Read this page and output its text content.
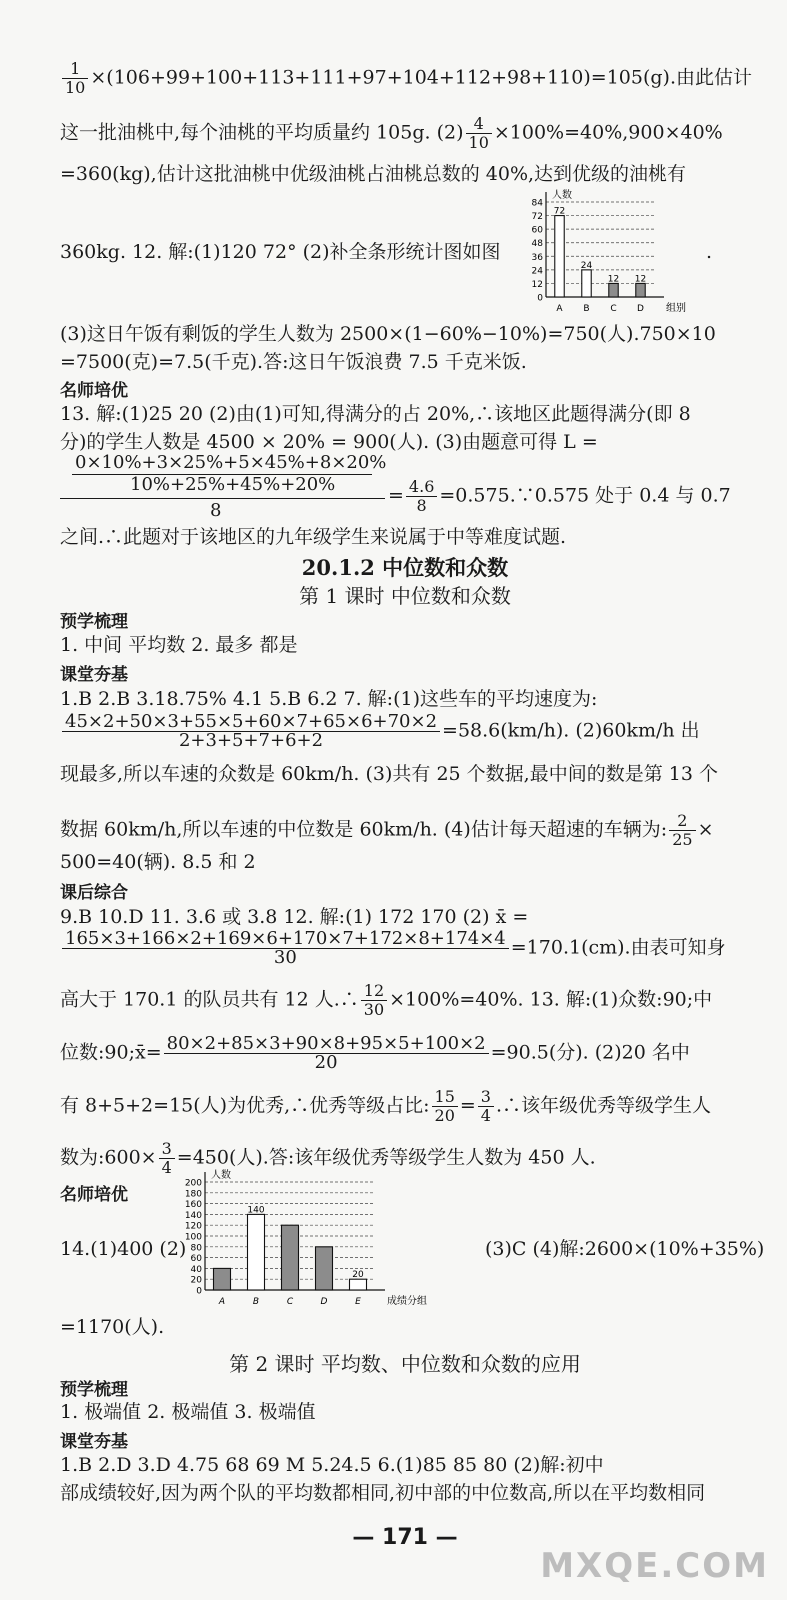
$\frac{1}{10} \times(106+99+100+113+111+97+104+112+98+110)=105(g)$.由此估计
这一批油桃中,每个油桃的平均质量约 105g. $(2) \frac{4}{10} \times 100\%=40\%,900\times 40\%$
=360(kg),估计这批油桃中优级油桃占油桃总数的 40%,达到优级的油桃有
0
12
24
36
48
60
72
84
人数
组别
A
72
B
24
C
12
D
12
360kg. 12. 解:(1)120 72° (2)补全条形统计图如图	.
(3)这日午饭有剩饭的学生人数为 2500×(1−60%−10%)=750(人).750×10
=7500(克)=7.5(千克).答:这日午饭浪费 7.5 千克米饭.
名师培优
13. 解:(1)25 20 (2)由(1)可知,得满分的占 20%,∴该地区此题得满分(即 8
分)的学生人数是 4500 × 20% = 900(人). (3)由题意可得 L =
0×10%+3×25%+5×45%+8×20%
10%+25%+45%+20%
8
= $\frac{4.6}{8}$ =0.575.∵0.575 处于 0.4 与 0.7
之间.∴此题对于该地区的九年级学生来说属于中等难度试题.
20.1.2 中位数和众数
第 1 课时 中位数和众数
预学梳理
1. 中间 平均数 2. 最多 都是
课堂夯基
1.B 2.B 3.18.75% 4.1 5.B 6.2 7. 解:(1)这些车的平均速度为:
$\frac{45\times 2+50\times 3+55\times 5+60\times 7+65\times 6+70\times 2}{2+3+5+7+6+2} =58.6(km/h)$. (2)60km/h 出
现最多,所以车速的众数是 60km/h. (3)共有 25 个数据,最中间的数是第 13 个
数据 60km/h,所以车速的中位数是 60km/h. (4)估计每天超速的车辆为: $\frac{2}{25}$ ×
500=40(辆). 8.5 和 2
课后综合
9.B 10.D 11. 3.6 或 3.8 12. 解:(1) 172 170 (2) x̄ =
$\frac{165\times 3+166\times 2+169\times 6+170\times 7+172\times 8+174\times 4}{30} =170.1(cm)$.由表可知身
高大于 170.1 的队员共有 12 人.∴ $\frac{12}{30} \times 100\%=40\%$. 13. 解:(1)众数:90;中
位数:90;x̄= $\frac{80\times 2+85\times 3+90\times 8+95\times 5+100\times 2}{20} =90.5$(分). (2)20 名中
有 8+5+2=15(人)为优秀,∴优秀等级占比: $\frac{15}{20} = \frac{3}{4}$ .∴该年级优秀等级学生人
数为:600× $\frac{3}{4} =450$(人).答:该年级优秀等级学生人数为 450 人.
名师培优
0
20
40
60
80
100
120
140
160
180
200
人数
成绩分组
A	B
140
C	D	E
20
14.(1)400 (2)	(3)C (4)解:2600×(10%+35%)
=1170(人).
第 2 课时 平均数、中位数和众数的应用
预学梳理
1. 极端值 2. 极端值 3. 极端值
课堂夯基
1.B 2.D 3.D 4.75 68 69 M 5.24.5 6.(1)85 85 80 (2)解:初中
部成绩较好,因为两个队的平均数都相同,初中部的中位数高,所以在平均数相同
— 171 —
MXQE.COM
